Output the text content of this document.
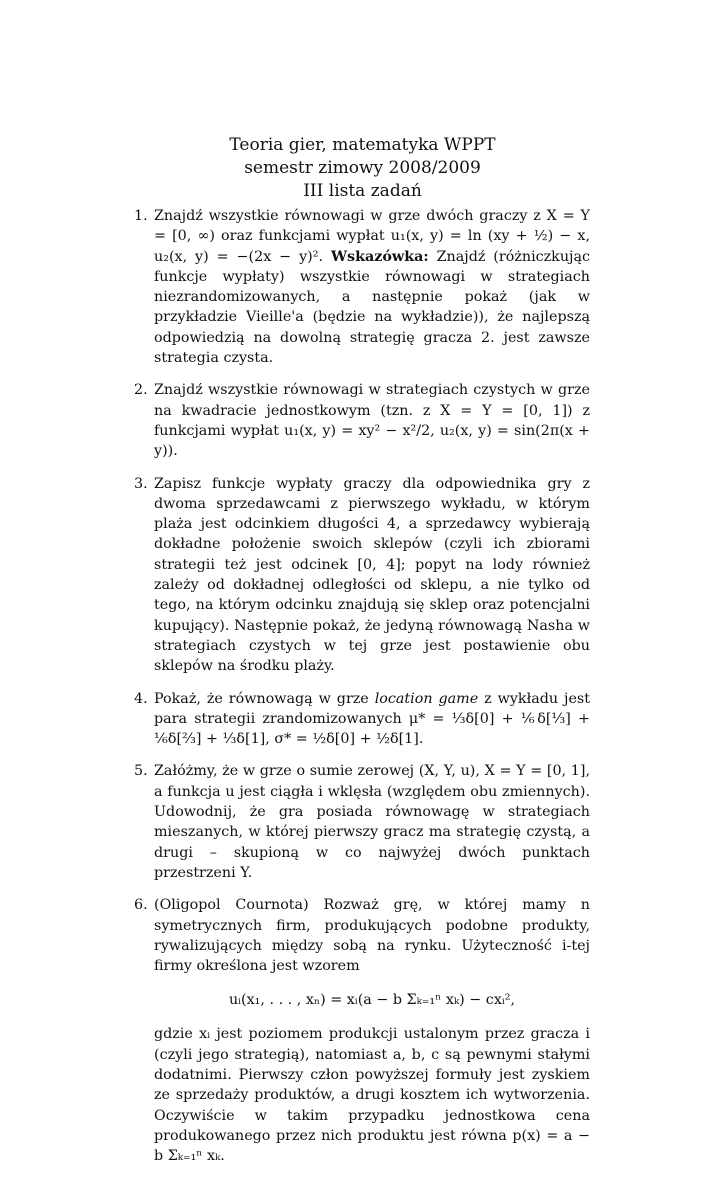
Teoria gier, matematyka WPPT
semestr zimowy 2008/2009
III lista zadań
1. Znajdź wszystkie równowagi w grze dwóch graczy z X = Y = [0, ∞) oraz funkcjami wypłat u₁(x, y) = ln (xy + ½) − x, u₂(x, y) = −(2x − y)². Wskazówka: Znajdź (różniczkując funkcje wypłaty) wszystkie równowagi w strategiach niezrandomizowanych, a następnie pokaż (jak w przykładzie Vieille'a (będzie na wykładzie)), że najlepszą odpowiedzią na dowolną strategię gracza 2. jest zawsze strategia czysta.

2. Znajdź wszystkie równowagi w strategiach czystych w grze na kwadracie jednostkowym (tzn. z X = Y = [0, 1]) z funkcjami wypłat u₁(x, y) = xy² − x²/2, u₂(x, y) = sin(2π(x + y)).

3. Zapisz funkcje wypłaty graczy dla odpowiednika gry z dwoma sprzedawcami z pierwszego wykładu, w którym plaża jest odcinkiem długości 4, a sprzedawcy wybierają dokładne położenie swoich sklepów (czyli ich zbiorami strategii też jest odcinek [0, 4]; popyt na lody również zależy od dokładnej odległości od sklepu, a nie tylko od tego, na którym odcinku znajdują się sklep oraz potencjalni kupujący). Następnie pokaż, że jedyną równowagą Nasha w strategiach czystych w tej grze jest postawienie obu sklepów na środku plaży.

4. Pokaż, że równowagą w grze location game z wykładu jest para strategii zrandomizowanych μ* = ⅓δ[0] + ⅙δ[⅓] + ⅙δ[⅔] + ⅓δ[1], σ* = ½δ[0] + ½δ[1].

5. Załóżmy, że w grze o sumie zerowej (X, Y, u), X = Y = [0, 1], a funkcja u jest ciągła i wklęsła (względem obu zmiennych). Udowodnij, że gra posiada równowagę w strategiach mieszanych, w której pierwszy gracz ma strategię czystą, a drugi – skupioną w co najwyżej dwóch punktach przestrzeni Y.

6. (Oligopol Cournota) Rozważ grę, w której mamy n symetrycznych firm, produkujących podobne produkty, rywalizujących między sobą na rynku. Użyteczność i-tej firmy określona jest wzorem

uᵢ(x₁, . . . , xₙ) = xᵢ(a − b Σₖ₌₁ⁿ xₖ) − cxᵢ²,

gdzie xᵢ jest poziomem produkcji ustalonym przez gracza i (czyli jego strategią), natomiast a, b, c są pewnymi stałymi dodatnimi. Pierwszy człon powyższej formuły jest zyskiem ze sprzedaży produktów, a drugi kosztem ich wytworzenia. Oczywiście w takim przypadku jednostkowa cena produkowanego przez nich produktu jest równa p(x) = a − b Σₖ₌₁ⁿ xₖ.
